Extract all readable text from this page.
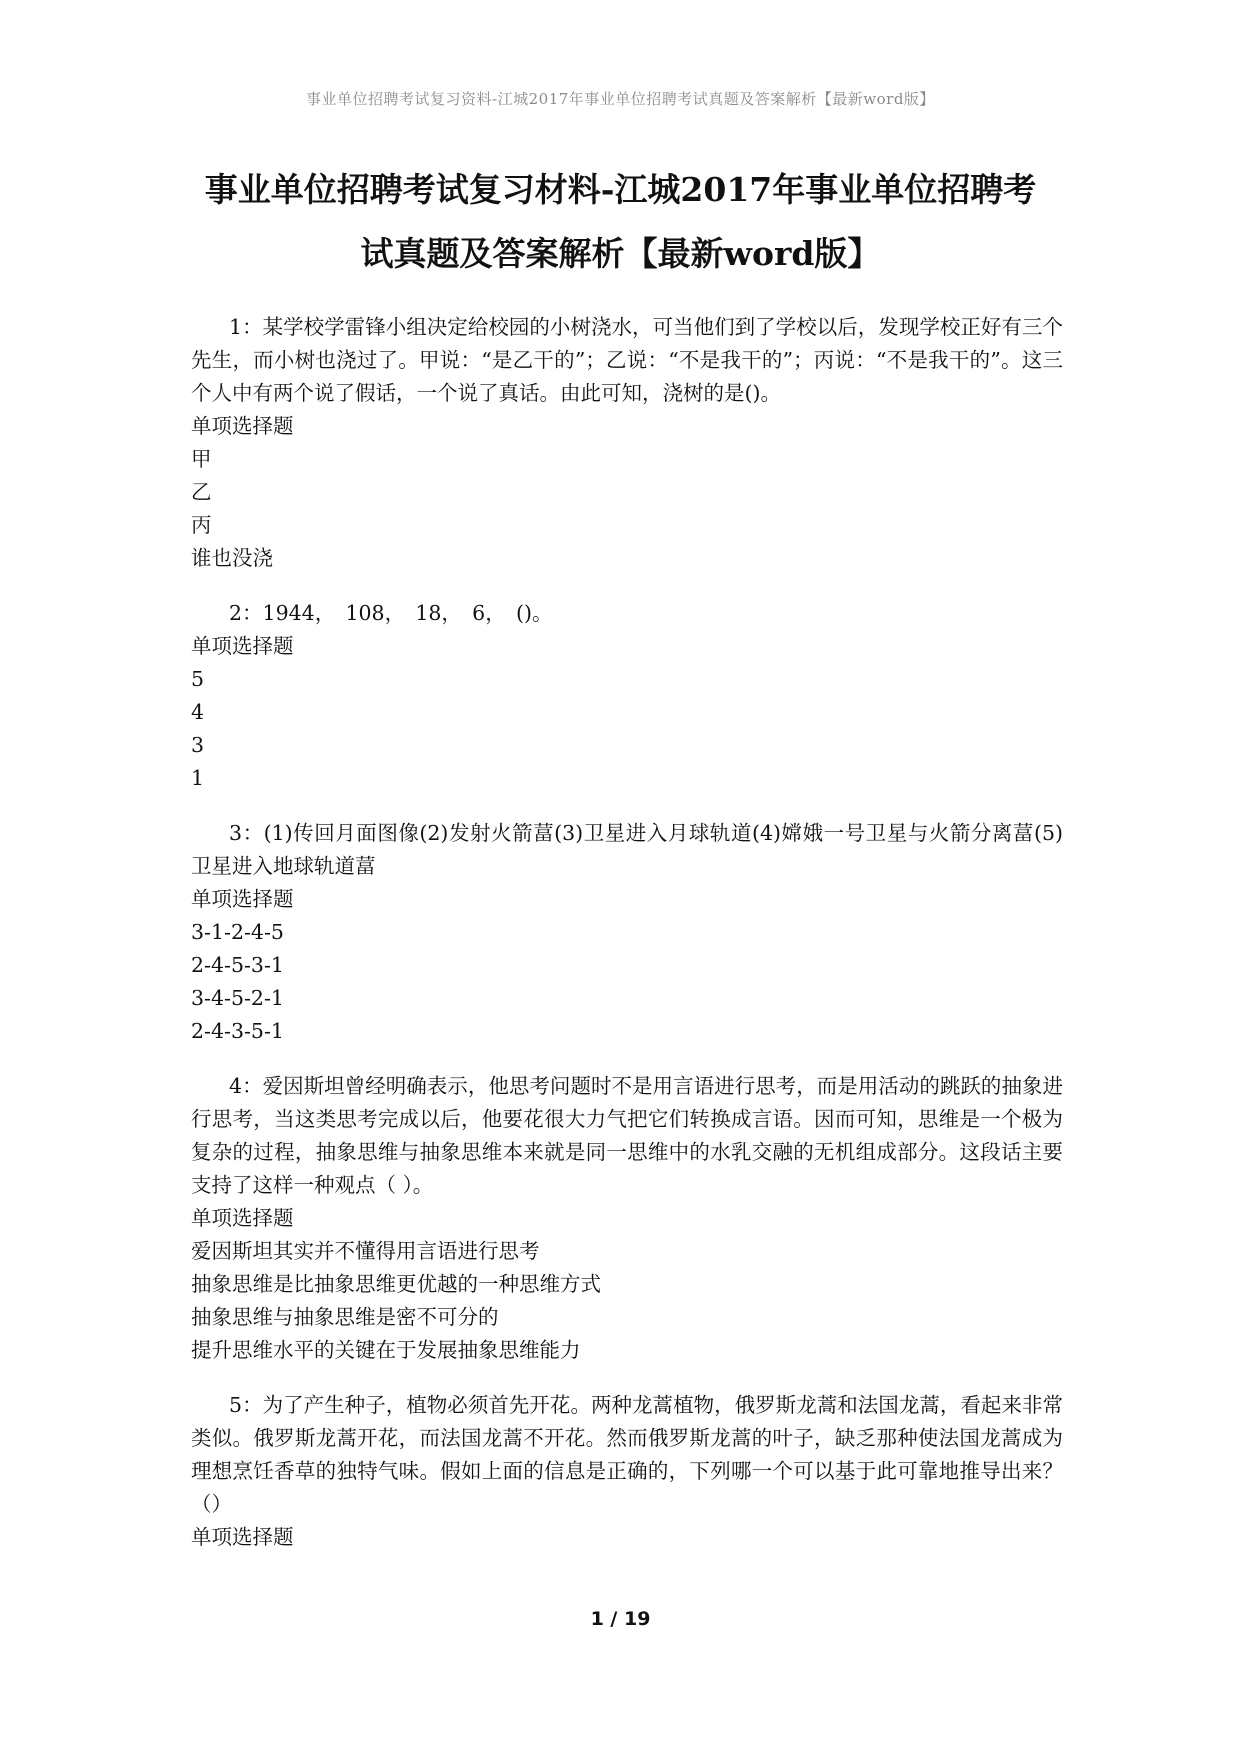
事业单位招聘考试复习资料-江城2017年事业单位招聘考试真题及答案解析【最新word版】
事业单位招聘考试复习材料-江城2017年事业单位招聘考
试真题及答案解析【最新word版】

1：某学校学雷锋小组决定给校园的小树浇水，可当他们到了学校以后，发现学校正好有三个先生，而小树也浇过了。甲说：“是乙干的”；乙说：“不是我干的”；丙说：“不是我干的”。这三个人中有两个说了假话，一个说了真话。由此可知，浇树的是()。

单项选择题

甲

乙

丙

谁也没浇

2：1944，　108，　18，　6，　()。

单项选择题

5

4

3

1

3：(1)传回月面图像(2)发射火箭葍(3)卫星进入月球轨道(4)嫦娥一号卫星与火箭分离葍(5)卫星进入地球轨道葍

单项选择题

3-1-2-4-5

2-4-5-3-1

3-4-5-2-1

2-4-3-5-1

4：爱因斯坦曾经明确表示，他思考问题时不是用言语进行思考，而是用活动的跳跃的抽象进行思考，当这类思考完成以后，他要花很大力气把它们转换成言语。因而可知，思维是一个极为复杂的过程，抽象思维与抽象思维本来就是同一思维中的水乳交融的无机组成部分。这段话主要支持了这样一种观点（ ）。

单项选择题

爱因斯坦其实并不懂得用言语进行思考

抽象思维是比抽象思维更优越的一种思维方式

抽象思维与抽象思维是密不可分的

提升思维水平的关键在于发展抽象思维能力

5：为了产生种子，植物必须首先开花。两种龙蒿植物，俄罗斯龙蒿和法国龙蒿，看起来非常类似。俄罗斯龙蒿开花，而法国龙蒿不开花。然而俄罗斯龙蒿的叶子，缺乏那种使法国龙蒿成为理想烹饪香草的独特气味。假如上面的信息是正确的，下列哪一个可以基于此可靠地推导出来？（）

单项选择题

1 / 19
